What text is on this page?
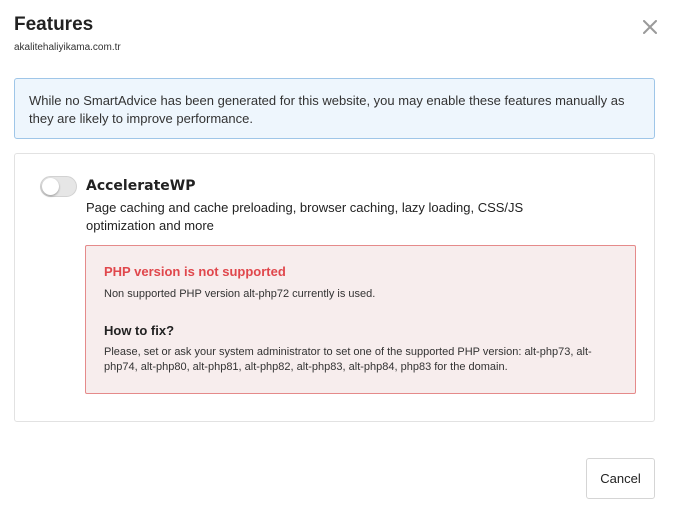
Features
akalitehaliyikama.com.tr
While no SmartAdvice has been generated for this website, you may enable these features manually as they are likely to improve performance.
AccelerateWP
Page caching and cache preloading, browser caching, lazy loading, CSS/JS optimization and more
PHP version is not supported
Non supported PHP version alt-php72 currently is used.
How to fix?
Please, set or ask your system administrator to set one of the supported PHP version: alt-php73, alt-php74, alt-php80, alt-php81, alt-php82, alt-php83, alt-php84, php83 for the domain.
Cancel
